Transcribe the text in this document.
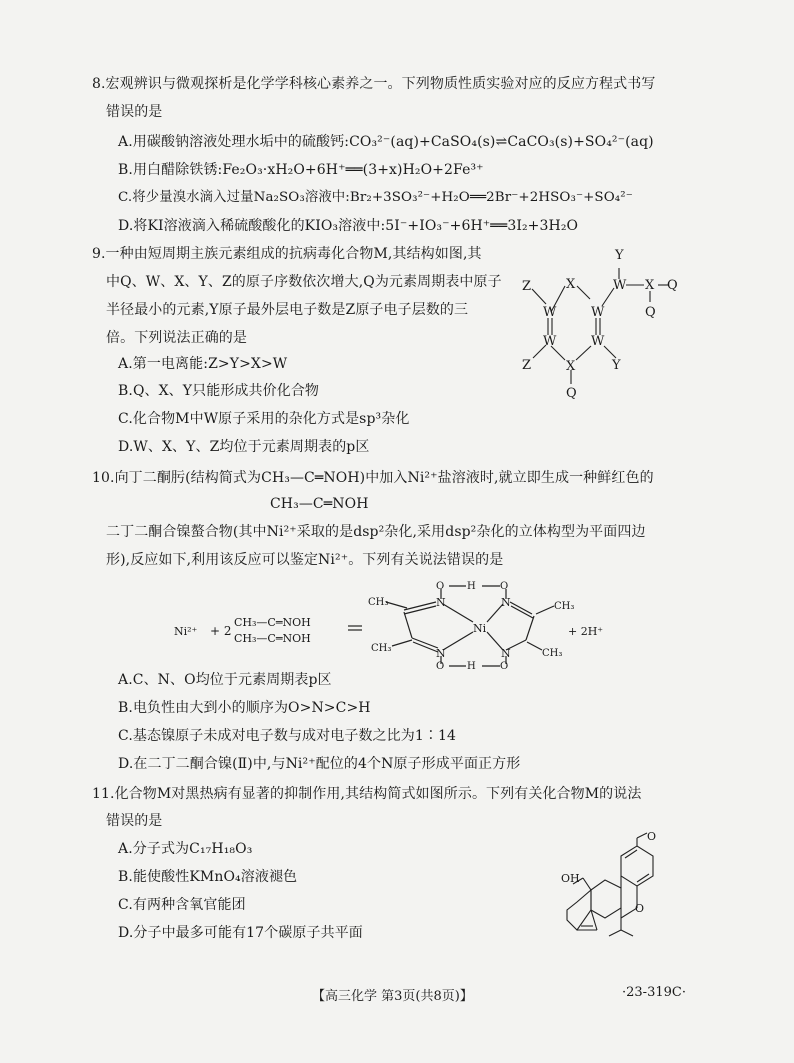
8.宏观辨识与微观探析是化学学科核心素养之一。下列物质性质实验对应的反应方程式书写
错误的是
A.用碳酸钠溶液处理水垢中的硫酸钙:CO₃²⁻(aq)+CaSO₄(s)⇌CaCO₃(s)+SO₄²⁻(aq)
B.用白醋除铁锈:Fe₂O₃·xH₂O+6H⁺══(3+x)H₂O+2Fe³⁺
C.将少量溴水滴入过量Na₂SO₃溶液中:Br₂+3SO₃²⁻+H₂O══2Br⁻+2HSO₃⁻+SO₄²⁻
D.将KI溶液滴入稀硫酸酸化的KIO₃溶液中:5I⁻+IO₃⁻+6H⁺══3I₂+3H₂O
9.一种由短周期主族元素组成的抗病毒化合物M,其结构如图,其
中Q、W、X、Y、Z的原子序数依次增大,Q为元素周期表中原子
半径最小的元素,Y原子最外层电子数是Z原子电子层数的三
倍。下列说法正确的是
A.第一电离能:Z>Y>X>W
B.Q、X、Y只能形成共价化合物
C.化合物M中W原子采用的杂化方式是sp³杂化
D.W、X、Y、Z均位于元素周期表的p区
Y
Z	X	W X Q
Q
W	W
W	W
X
Z	Y
Q
10.向丁二酮肟(结构简式为CH₃—C═NOH)中加入Ni²⁺盐溶液时,就立即生成一种鲜红色的
CH₃—C═NOH
二丁二酮合镍螯合物(其中Ni²⁺采取的是dsp²杂化,采用dsp²杂化的立体构型为平面四边
形),反应如下,利用该反应可以鉴定Ni²⁺。下列有关说法错误的是
Ni²⁺ + 2
CH₃—C═NOH
CH₃—C═NOH
CH₃
CH₃
CH₃
CH₃
N	N
N	N
Ni
O	O
H
O	O
H
+ 2H⁺
A.C、N、O均位于元素周期表p区
B.电负性由大到小的顺序为O>N>C>H
C.基态镍原子未成对电子数与成对电子数之比为1∶14
D.在二丁二酮合镍(Ⅱ)中,与Ni²⁺配位的4个N原子形成平面正方形
11.化合物M对黑热病有显著的抑制作用,其结构简式如图所示。下列有关化合物M的说法
错误的是
A.分子式为C₁₇H₁₈O₃
B.能使酸性KMnO₄溶液褪色
C.有两种含氧官能团
D.分子中最多可能有17个碳原子共平面
OH
O
O
【高三化学 第3页(共8页)】	·23-319C·
